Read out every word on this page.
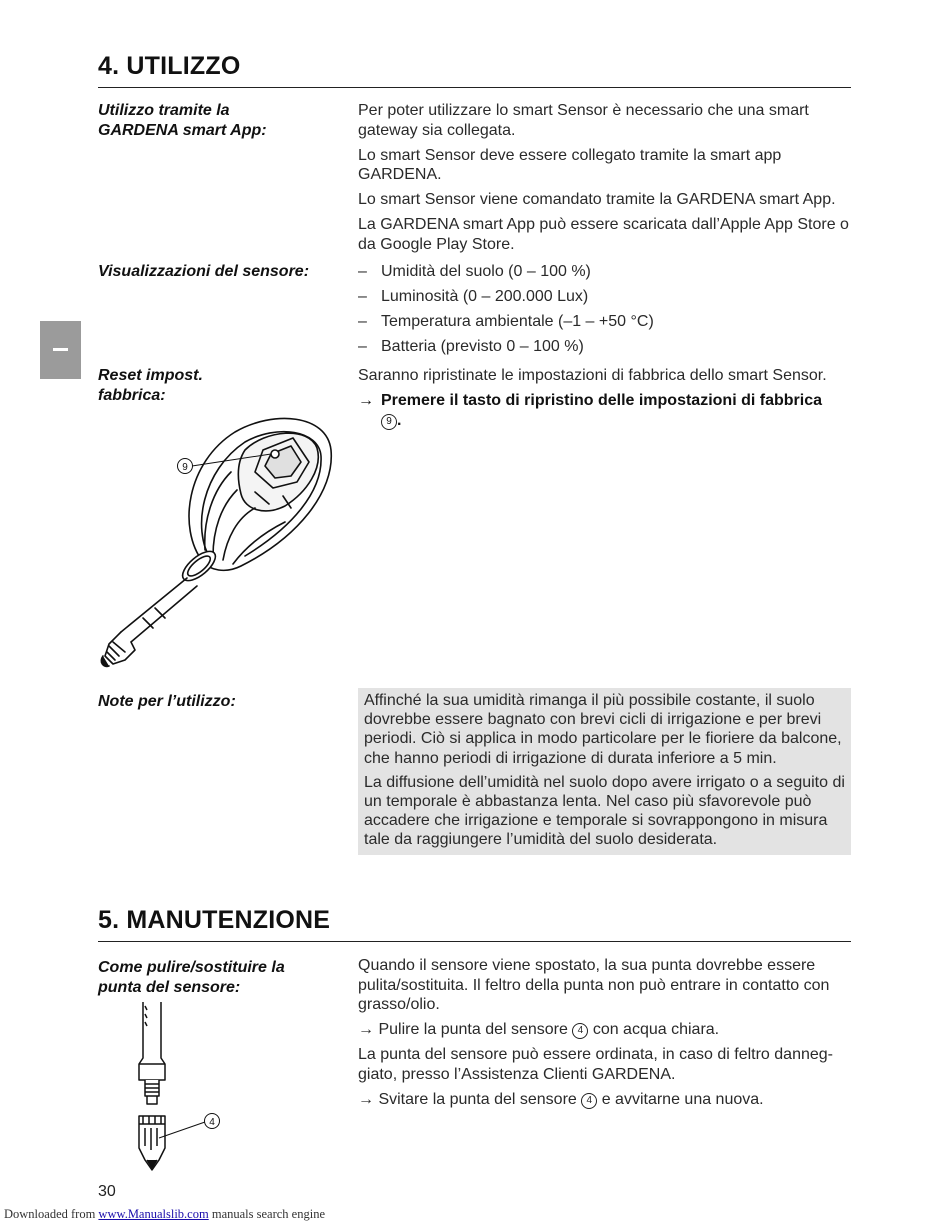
4. UTILIZZO
Utilizzo tramite la GARDENA smart App:

Per poter utilizzare lo smart Sensor è necessario che una smart gateway sia collegata.

Lo smart Sensor deve essere collegato tramite la smart app GARDENA.

Lo smart Sensor viene comandato tramite la GARDENA smart App.

La GARDENA smart App può essere scaricata dall’Apple App Store o da Google Play Store.

Visualizzazioni del sensore:	– Umidità del suolo (0 – 100 %)
– Luminosità (0 – 200.000 Lux)
– Temperatura ambientale (–1 – +50 °C)
– Batteria (previsto 0 – 100 %)
Reset impost. fabbrica:

Saranno ripristinate le impostazioni di fabbrica dello smart Sensor.

→ Premere il tasto di ripristino delle impostazioni di fabbrica 9 .
9
Note per l’utilizzo:	Affinché la sua umidità rimanga il più possibile costante, il suolo dovrebbe essere bagnato con brevi cicli di irrigazione e per brevi periodi. Ciò si applica in modo particolare per le fioriere da balcone, che hanno periodi di irrigazione di durata inferiore a 5 min.

La diffusione dell’umidità nel suolo dopo avere irrigato o a seguito di un temporale è abbastanza lenta. Nel caso più sfavorevole può accadere che irrigazione e temporale si sovrappongono in misura tale da raggiungere l’umidità del suolo desiderata.

5. MANUTENZIONE
Come pulire/sostituire la punta del sensore:

Quando il sensore viene spostato, la sua punta dovrebbe essere pulita/sostituita. Il feltro della punta non può entrare in contatto con grasso/olio.

→ Pulire la punta del sensore 4 con acqua chiara.

La punta del sensore può essere ordinata, in caso di feltro danneg-giato, presso l’Assistenza Clienti GARDENA.

→ Svitare la punta del sensore 4 e avvitarne una nuova.

4
30
Downloaded from www.Manualslib.com manuals search engine
